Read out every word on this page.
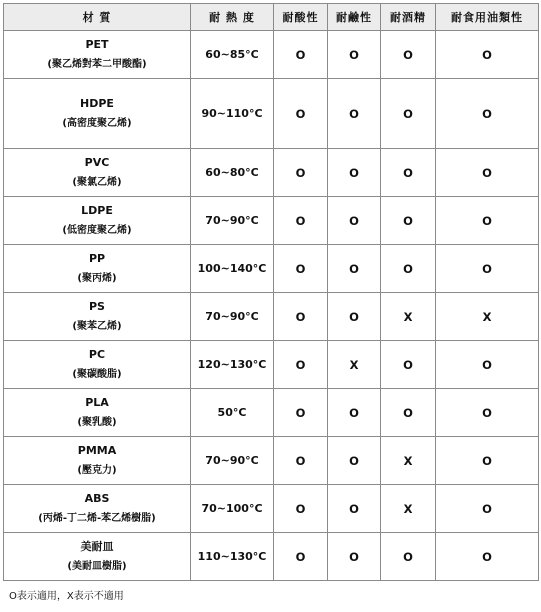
材 質	耐 熱 度	耐酸性	耐鹼性	耐酒精	耐食用油類性

PET
(聚乙烯對苯二甲酸酯)	60~85°C	O	O	O	O

HDPE
(高密度聚乙烯)	90~110°C	O	O	O	O

PVC
(聚氯乙烯)	60~80°C	O	O	O	O

LDPE
(低密度聚乙烯)	70~90°C	O	O	O	O

PP
(聚丙烯)	100~140°C	O	O	O	O

PS
(聚苯乙烯)	70~90°C	O	O	X	X

PC
(聚碳酸脂)	120~130°C	O	X	O	O

PLA
(聚乳酸)	50°C	O	O	O	O

PMMA
(壓克力)	70~90°C	O	O	X	O

ABS
(丙烯-丁二烯-苯乙烯樹脂)	70~100°C	O	O	X	O

美耐皿
(美耐皿樹脂)	110~130°C	O	O	O	O
O表示適用，X表示不適用
